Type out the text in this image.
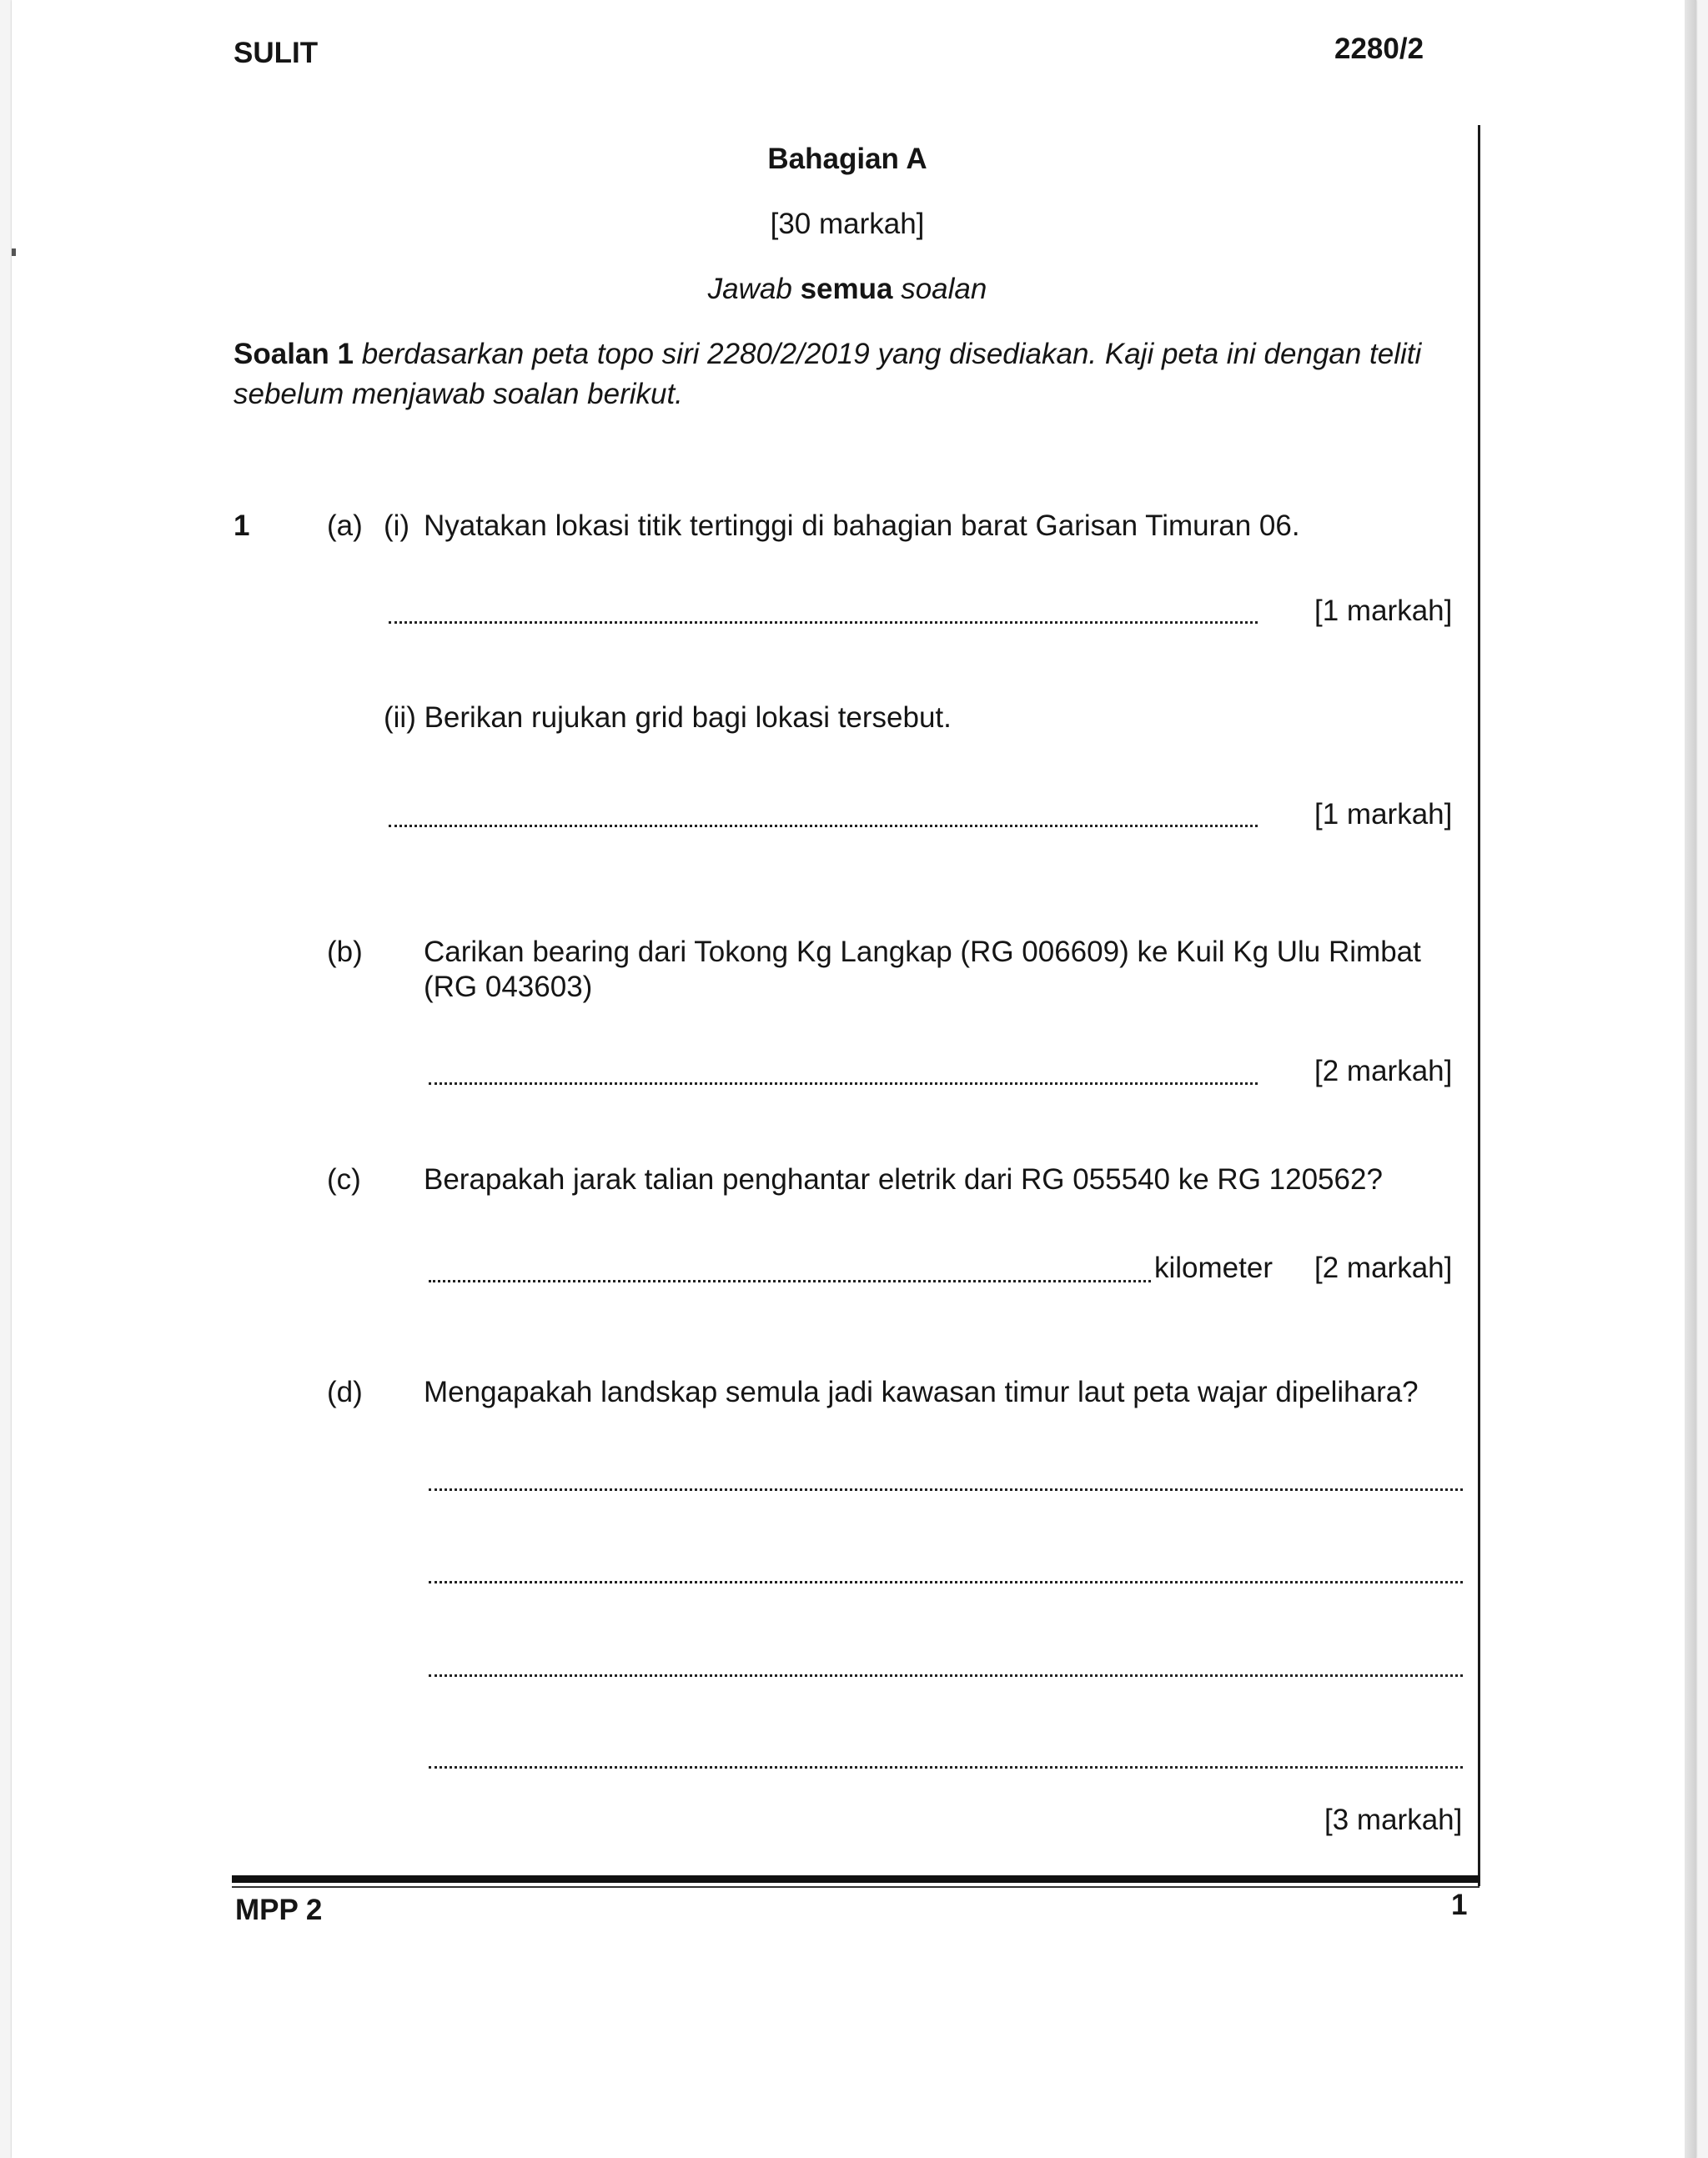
SULIT	2280/2
Bahagian A
[30 markah]
Jawab semua soalan
Soalan 1 berdasarkan peta topo siri 2280/2/2019 yang disediakan. Kaji peta ini dengan teliti
sebelum menjawab soalan berikut.
1	(a) (i) Nyatakan lokasi titik tertinggi di bahagian barat Garisan Timuran 06.
[1 markah]
(ii) Berikan rujukan grid bagi lokasi tersebut.
[1 markah]
(b) Carikan bearing dari Tokong Kg Langkap (RG 006609) ke Kuil Kg Ulu Rimbat
(RG 043603)
[2 markah]
(c) Berapakah jarak talian penghantar eletrik dari RG 055540 ke RG 120562?
kilometer [2 markah]
(d) Mengapakah landskap semula jadi kawasan timur laut peta wajar dipelihara?
[3 markah]
MPP 2	1
